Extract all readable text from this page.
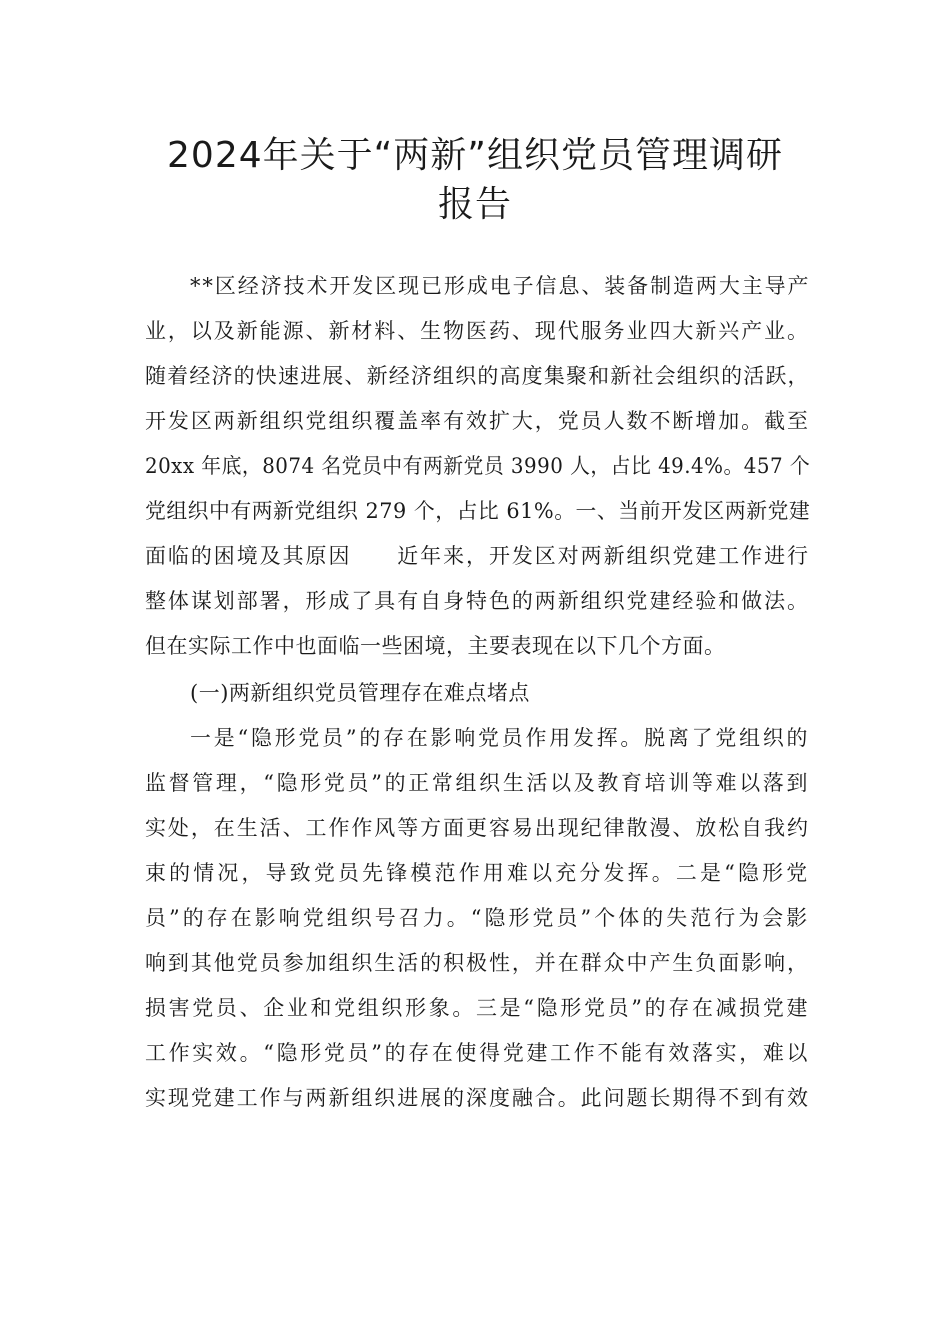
2024年关于“两新”组织党员管理调研
报告
**区经济技术开发区现已形成电子信息、装备制造两大主导产
业，以及新能源、新材料、生物医药、现代服务业四大新兴产业。
随着经济的快速进展、新经济组织的高度集聚和新社会组织的活跃，
开发区两新组织党组织覆盖率有效扩大，党员人数不断增加。截至
20xx 年底，8074 名党员中有两新党员 3990 人，占比 49.4%。457 个
党组织中有两新党组织 279 个，占比 61%。一、当前开发区两新党建
面临的困境及其原因　　近年来，开发区对两新组织党建工作进行
整体谋划部署，形成了具有自身特色的两新组织党建经验和做法。
但在实际工作中也面临一些困境，主要表现在以下几个方面。
(一)两新组织党员管理存在难点堵点
一是“隐形党员”的存在影响党员作用发挥。脱离了党组织的
监督管理，“隐形党员”的正常组织生活以及教育培训等难以落到
实处，在生活、工作作风等方面更容易出现纪律散漫、放松自我约
束的情况，导致党员先锋模范作用难以充分发挥。二是“隐形党
员”的存在影响党组织号召力。“隐形党员”个体的失范行为会影
响到其他党员参加组织生活的积极性，并在群众中产生负面影响，
损害党员、企业和党组织形象。三是“隐形党员”的存在减损党建
工作实效。“隐形党员”的存在使得党建工作不能有效落实，难以
实现党建工作与两新组织进展的深度融合。此问题长期得不到有效
